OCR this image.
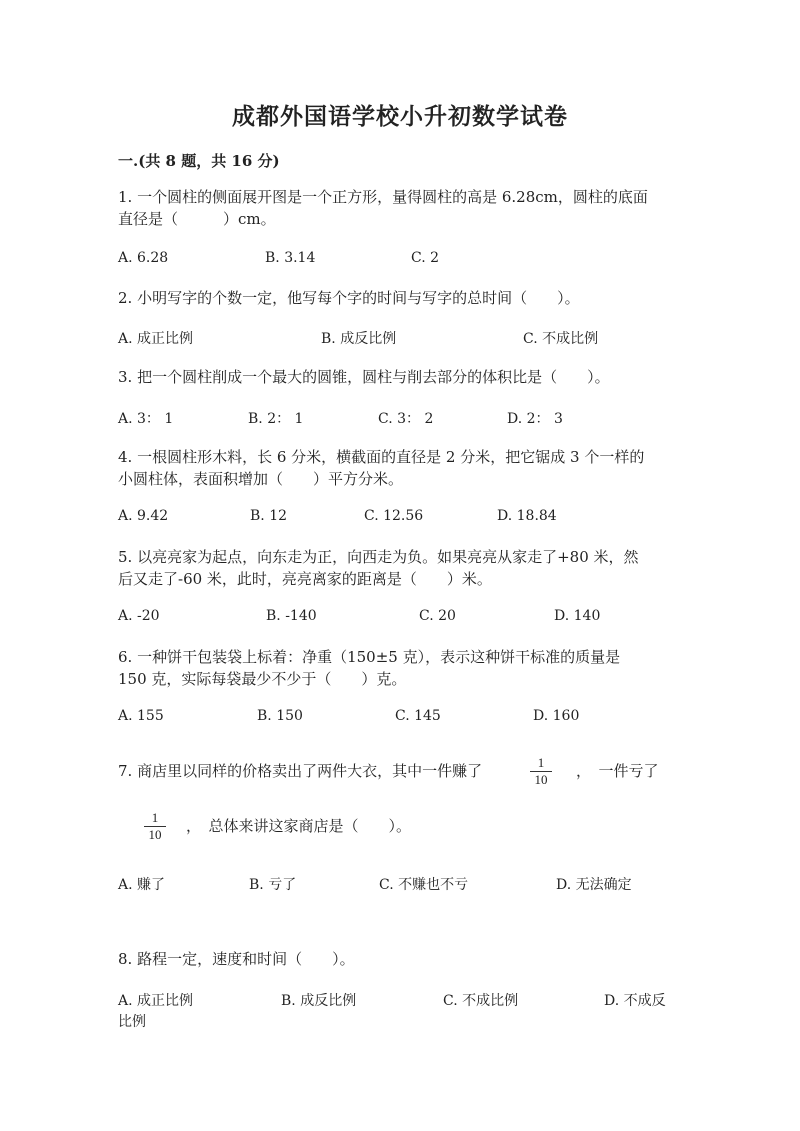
成都外国语学校小升初数学试卷
一.(共 8 题，共 16 分)
1. 一个圆柱的侧面展开图是一个正方形，量得圆柱的高是 6.28cm，圆柱的底面
直径是（　　　）cm。
A. 6.28	B. 3.14	C. 2
2. 小明写字的个数一定，他写每个字的时间与写字的总时间（　　）。
A. 成正比例	B. 成反比例	C. 不成比例
3. 把一个圆柱削成一个最大的圆锥，圆柱与削去部分的体积比是（　　）。
A. 3： 1	B. 2： 1	C. 3： 2	D. 2： 3
4. 一根圆柱形木料，长 6 分米，横截面的直径是 2 分米，把它锯成 3 个一样的
小圆柱体，表面积增加（　　）平方分米。
A. 9.42	B. 12	C. 12.56	D. 18.84
5. 以亮亮家为起点，向东走为正，向西走为负。如果亮亮从家走了+80 米，然
后又走了-60 米，此时，亮亮离家的距离是（　　）米。
A. -20	B. -140	C. 20	D. 140
6. 一种饼干包装袋上标着：净重（150±5 克），表示这种饼干标准的质量是
150 克，实际每袋最少不少于（　　）克。
A. 155	B. 150	C. 145	D. 160
7. 商店里以同样的价格卖出了两件大衣，其中一件赚了	$\frac{1}{10}$ ，　一件亏了
$\frac{1}{10}$ ，　总体来讲这家商店是（　　）。
A. 赚了	B. 亏了	C. 不赚也不亏	D. 无法确定
8. 路程一定，速度和时间（　　）。
A. 成正比例	B. 成反比例	C. 不成比例	D. 不成反
比例
